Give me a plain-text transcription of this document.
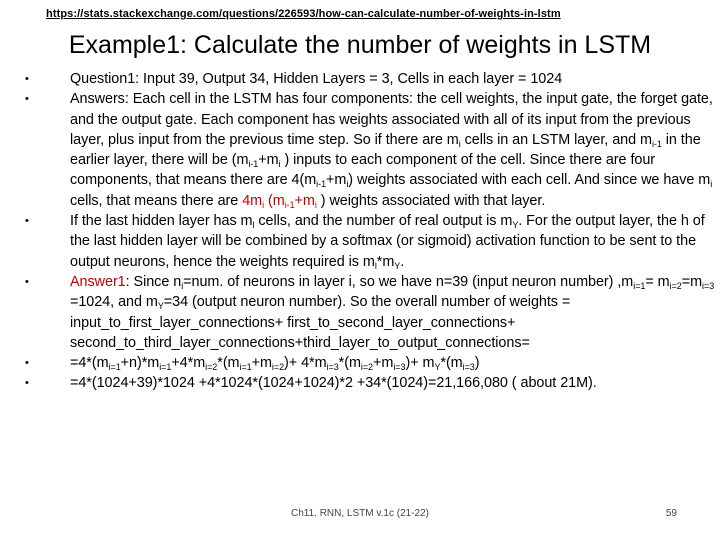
https://stats.stackexchange.com/questions/226593/how-can-calculate-number-of-weights-in-lstm
Example1: Calculate the number of weights in LSTM
•	Question1: Input 39, Output 34, Hidden Layers = 3, Cells in each layer = 1024
•	Answers: Each cell in the LSTM has four components: the cell weights, the input gate, the forget gate, and the output gate. Each component has weights associated with all of its input from the previous layer, plus input from the previous time step. So if there are $m_i$ cells in an LSTM layer, and $m_{i-1}$ in the earlier layer, there will be ($m_{i-1}+m_i$ ) inputs to each component of the cell. Since there are four components, that means there are $4(m_{i-1}+m_i)$ weights associated with each cell. And since we have $m_i$ cells, that means there are $4m_i$ ($m_{i-1}+m_i$ ) weights associated with that layer.
•	If the last hidden layer has $m_l$ cells, and the number of real output is $m_Y$. For the output layer, the h of the last hidden layer will be combined by a softmax (or sigmoid) activation function to be sent to the output neurons, hence the weights required is $m_l*m_Y$.
•	Answer1: Since $n_i=num$. of neurons in layer i, so we have n=39 (input neuron number) $,m_{i=1}= m_{i=2}=m_{i=3} =1024$, and $m_Y=34$ (output neuron number). So the overall number of weights = input_to_first_layer_connections+ first_to_second_layer_connections+ second_to_third_layer_connections+third_layer_to_output_connections=
•	$=4*(m_{i=1}+n)*m_{i=1}+4*m_{i=2}*(m_{i=1}+m_{i=2})+ 4*m_{i=3}*(m_{i=2}+m_{i=3})+ m_Y*(m_{i=3})$
•	=4*(1024+39)*1024 +4*1024*(1024+1024)*2 +34*(1024)=21,166,080 ( about 21M).
Ch11. RNN, LSTM v.1c (21-22)	59
